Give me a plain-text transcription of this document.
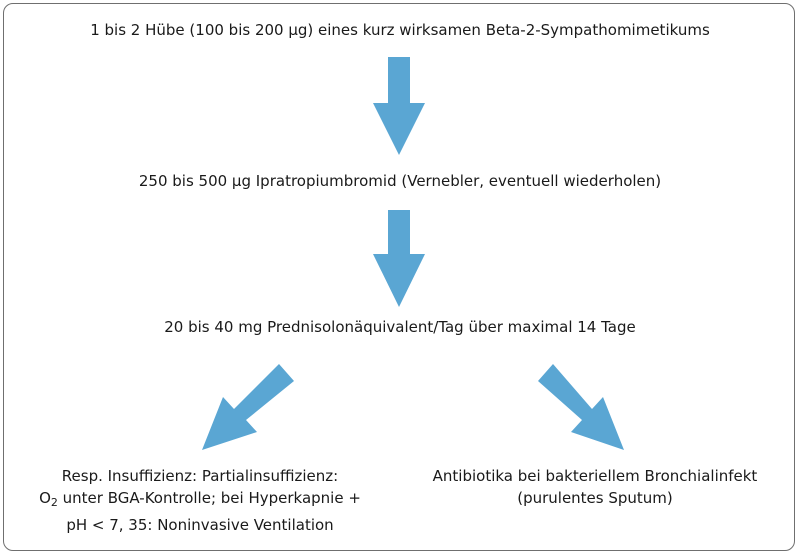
1 bis 2 Hübe (100 bis 200 µg) eines kurz wirksamen Beta-2-Sympathomimetikums
250 bis 500 µg Ipratropiumbromid (Vernebler, eventuell wiederholen)
20 bis 40 mg Prednisolonäquivalent/Tag über maximal 14 Tage
Resp. Insuffizienz: Partialinsuffizienz:
$O_2$ unter BGA-Kontrolle; bei Hyperkapnie +
pH < 7, 35: Noninvasive Ventilation
Antibiotika bei bakteriellem Bronchialinfekt
(purulentes Sputum)
